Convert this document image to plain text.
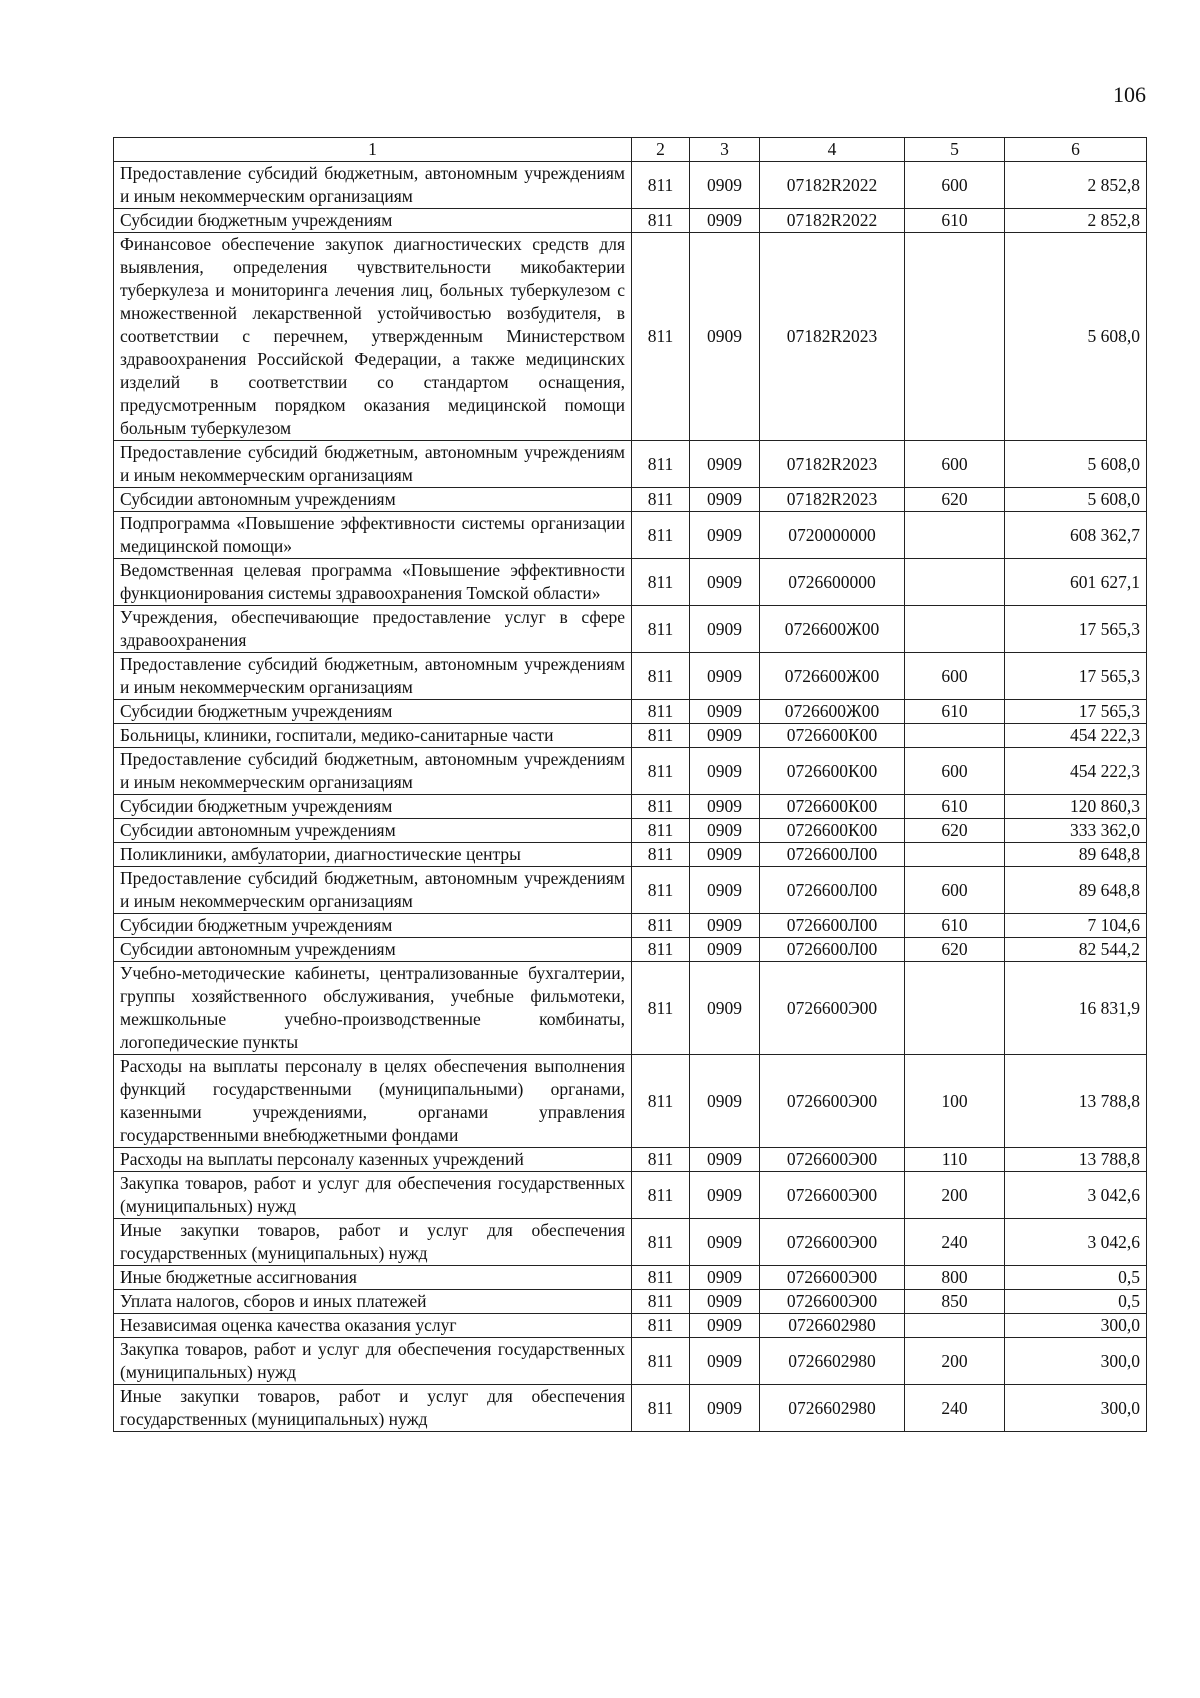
106
1	2	3	4	5	6
Предоставление субсидий бюджетным, автономным учреждениям и иным некоммерческим организациям	811	0909	07182R2022	600	2 852,8
Субсидии бюджетным учреждениям	811	0909	07182R2022	610	2 852,8
Финансовое обеспечение закупок диагностических средств для выявления, определения чувствительности микобактерии туберкулеза и мониторинга лечения лиц, больных туберкулезом с множественной лекарственной устойчивостью возбудителя, в соответствии с перечнем, утвержденным Министерством здравоохранения Российской Федерации, а также медицинских изделий в соответствии со стандартом оснащения, предусмотренным порядком оказания медицинской помощи больным туберкулезом	811	0909	07182R2023		5 608,0
Предоставление субсидий бюджетным, автономным учреждениям и иным некоммерческим организациям	811	0909	07182R2023	600	5 608,0
Субсидии автономным учреждениям	811	0909	07182R2023	620	5 608,0
Подпрограмма «Повышение эффективности системы организации медицинской помощи»	811	0909	0720000000		608 362,7
Ведомственная целевая программа «Повышение эффективности функционирования системы здравоохранения Томской области»	811	0909	0726600000		601 627,1
Учреждения, обеспечивающие предоставление услуг в сфере здравоохранения	811	0909	0726600Ж00		17 565,3
Предоставление субсидий бюджетным, автономным учреждениям и иным некоммерческим организациям	811	0909	0726600Ж00	600	17 565,3
Субсидии бюджетным учреждениям	811	0909	0726600Ж00	610	17 565,3
Больницы, клиники, госпитали, медико-санитарные части	811	0909	0726600К00		454 222,3
Предоставление субсидий бюджетным, автономным учреждениям и иным некоммерческим организациям	811	0909	0726600К00	600	454 222,3
Субсидии бюджетным учреждениям	811	0909	0726600К00	610	120 860,3
Субсидии автономным учреждениям	811	0909	0726600К00	620	333 362,0
Поликлиники, амбулатории, диагностические центры	811	0909	0726600Л00		89 648,8
Предоставление субсидий бюджетным, автономным учреждениям и иным некоммерческим организациям	811	0909	0726600Л00	600	89 648,8
Субсидии бюджетным учреждениям	811	0909	0726600Л00	610	7 104,6
Субсидии автономным учреждениям	811	0909	0726600Л00	620	82 544,2
Учебно-методические кабинеты, централизованные бухгалтерии, группы хозяйственного обслуживания, учебные фильмотеки, межшкольные учебно-производственные комбинаты, логопедические пункты	811	0909	0726600Э00		16 831,9
Расходы на выплаты персоналу в целях обеспечения выполнения функций государственными (муниципальными) органами, казенными учреждениями, органами управления государственными внебюджетными фондами	811	0909	0726600Э00	100	13 788,8
Расходы на выплаты персоналу казенных учреждений	811	0909	0726600Э00	110	13 788,8
Закупка товаров, работ и услуг для обеспечения государственных (муниципальных) нужд	811	0909	0726600Э00	200	3 042,6
Иные закупки товаров, работ и услуг для обеспечения государственных (муниципальных) нужд	811	0909	0726600Э00	240	3 042,6
Иные бюджетные ассигнования	811	0909	0726600Э00	800	0,5
Уплата налогов, сборов и иных платежей	811	0909	0726600Э00	850	0,5
Независимая оценка качества оказания услуг	811	0909	0726602980		300,0
Закупка товаров, работ и услуг для обеспечения государственных (муниципальных) нужд	811	0909	0726602980	200	300,0
Иные закупки товаров, работ и услуг для обеспечения государственных (муниципальных) нужд	811	0909	0726602980	240	300,0
